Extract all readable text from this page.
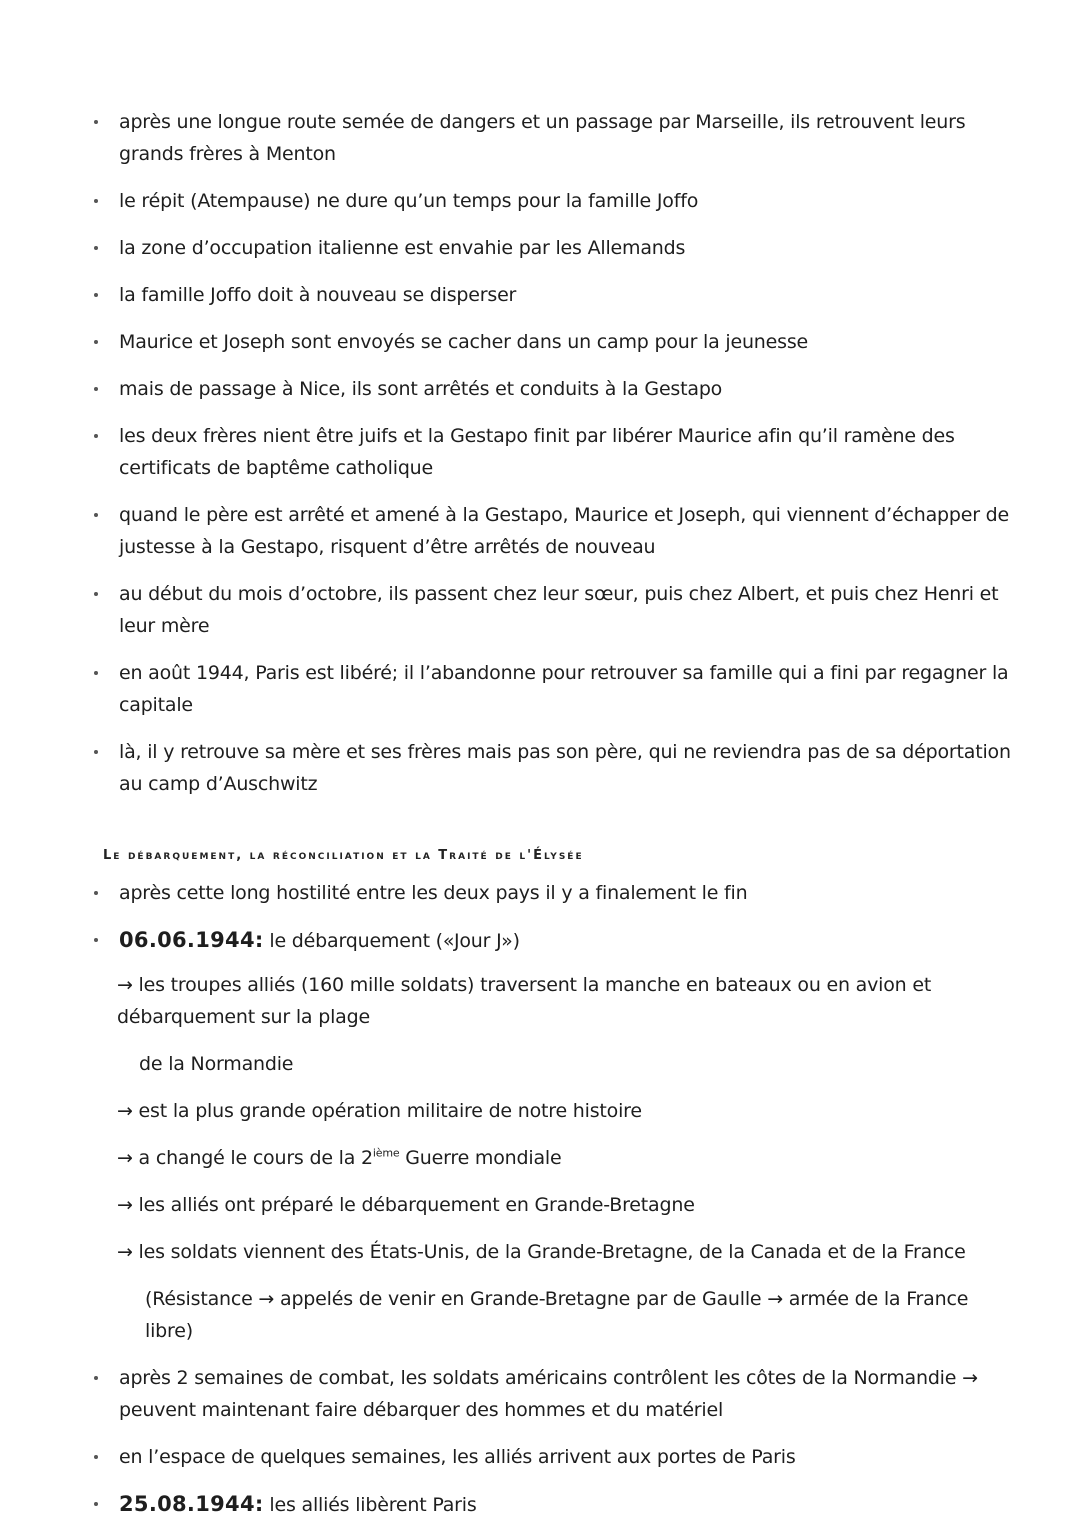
après une longue route semée de dangers et un passage par Marseille, ils retrouvent leurs grands frères à Menton
le répit (Atempause) ne dure qu’un temps pour la famille Joffo
la zone d’occupation italienne est envahie par les Allemands
la famille Joffo doit à nouveau se disperser
Maurice et Joseph sont envoyés se cacher dans un camp pour la jeunesse
mais de passage à Nice, ils sont arrêtés et conduits à la Gestapo
les deux frères nient être juifs et la Gestapo finit par libérer Maurice afin qu’il ramène des certificats de baptême catholique
quand le père est arrêté et amené à la Gestapo, Maurice et Joseph, qui viennent d’échapper de justesse à la Gestapo, risquent d’être arrêtés de nouveau
au début du mois d’octobre, ils passent chez leur sœur, puis chez Albert, et puis chez Henri et leur mère
en août 1944, Paris est libéré; il l’abandonne pour retrouver sa famille qui a fini par regagner la capitale
là, il y retrouve sa mère et ses frères mais pas son père, qui ne reviendra pas de sa déportation au camp d’Auschwitz
Le débarquement, la réconciliation et la Traité de l'Élysée
après cette long hostilité entre les deux pays il y a finalement le fin
06.06.1944: le débarquement («Jour J»)
→ les troupes alliés (160 mille soldats) traversent la manche en bateaux ou en avion et débarquement sur la plage
de la Normandie
→ est la plus grande opération militaire de notre histoire
→ a changé le cours de la 2ième Guerre mondiale
→ les alliés ont préparé le débarquement en Grande-Bretagne
→ les soldats viennent des États-Unis, de la Grande-Bretagne, de la Canada et de la France
(Résistance → appelés de venir en Grande-Bretagne par de Gaulle → armée de la France libre)
après 2 semaines de combat, les soldats américains contrôlent les côtes de la Normandie → peuvent maintenant faire débarquer des hommes et du matériel
en l’espace de quelques semaines, les alliés arrivent aux portes de Paris
25.08.1944: les alliés libèrent Paris
